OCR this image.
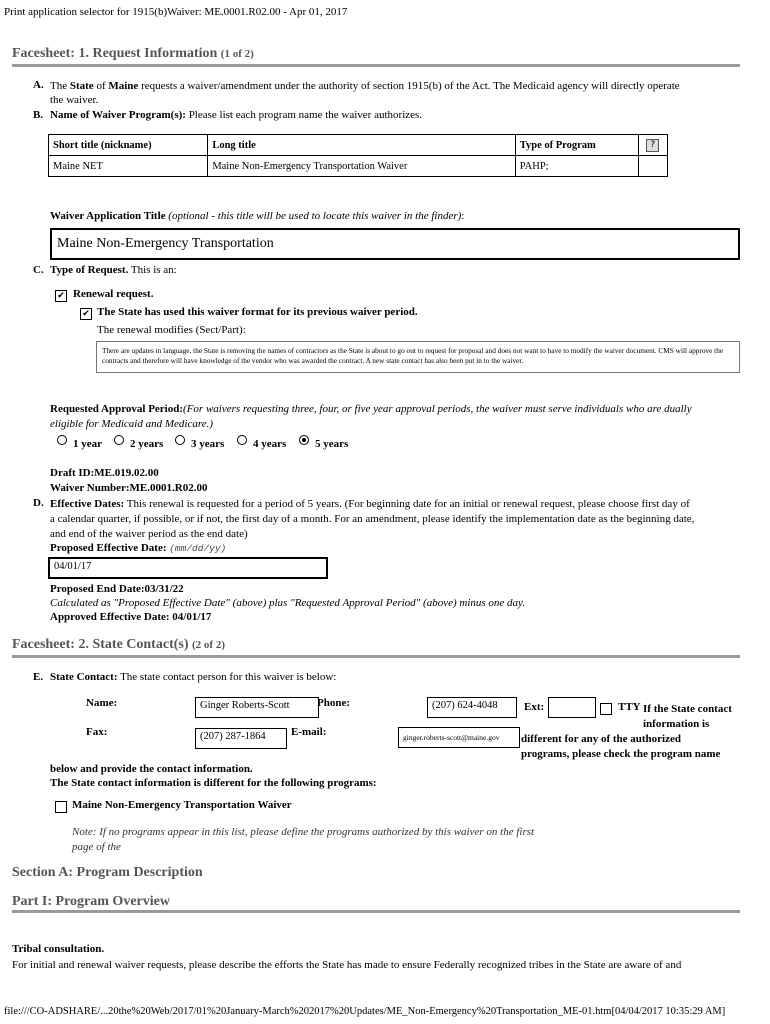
Print application selector for 1915(b)Waiver: ME.0001.R02.00 - Apr 01, 2017
Facesheet: 1. Request Information (1 of 2)
A. The State of Maine requests a waiver/amendment under the authority of section 1915(b) of the Act. The Medicaid agency will directly operate
the waiver.
B. Name of Waiver Program(s): Please list each program name the waiver authorizes.
Short title (nickname)	Long title	Type of Program	?
Maine NET	Maine Non-Emergency Transportation Waiver	PAHP;	
Waiver Application Title (optional - this title will be used to locate this waiver in the finder):
Maine Non-Emergency Transportation
C. Type of Request. This is an:
✔ Renewal request.
✔ The State has used this waiver format for its previous waiver period.
The renewal modifies (Sect/Part):
There are updates in language, the State is removing the names of contractors as the State is about to go out to request for proposal and does not want to have to modify the waiver document. CMS will approve the contracts and therefore will have knowledge of the vendor who was awarded the contract. A new state contact has also been put in to the waiver.
Requested Approval Period:(For waivers requesting three, four, or five year approval periods, the waiver must serve individuals who are dually
eligible for Medicaid and Medicare.)
1 year	2 years	3 years	4 years	5 years
Draft ID:ME.019.02.00
Waiver Number:ME.0001.R02.00
D. Effective Dates: This renewal is requested for a period of 5 years. (For beginning date for an initial or renewal request, please choose first day of
a calendar quarter, if possible, or if not, the first day of a month. For an amendment, please identify the implementation date as the beginning date,
and end of the waiver period as the end date)
Proposed Effective Date: (mm/dd/yy)
04/01/17
Proposed End Date:03/31/22
Calculated as "Proposed Effective Date" (above) plus "Requested Approval Period" (above) minus one day.
Approved Effective Date: 04/01/17
Facesheet: 2. State Contact(s) (2 of 2)
E. State Contact: The state contact person for this waiver is below:
Name:	Ginger Roberts-Scott	Phone:	(207) 624-4048	Ext:	TTY If the State contact
information is
different for any of the authorized
programs, please check the program name
Fax:	(207) 287-1864	E-mail:	ginger.roberts-scott@maine.gov
below and provide the contact information.
The State contact information is different for the following programs:
Maine Non-Emergency Transportation Waiver
Note: If no programs appear in this list, please define the programs authorized by this waiver on the first
page of the
Section A: Program Description
Part I: Program Overview
Tribal consultation.
For initial and renewal waiver requests, please describe the efforts the State has made to ensure Federally recognized tribes in the State are aware of and
file:///CO-ADSHARE/...20the%20Web/2017/01%20January-March%202017%20Updates/ME_Non-Emergency%20Transportation_ME-01.htm[04/04/2017 10:35:29 AM]
